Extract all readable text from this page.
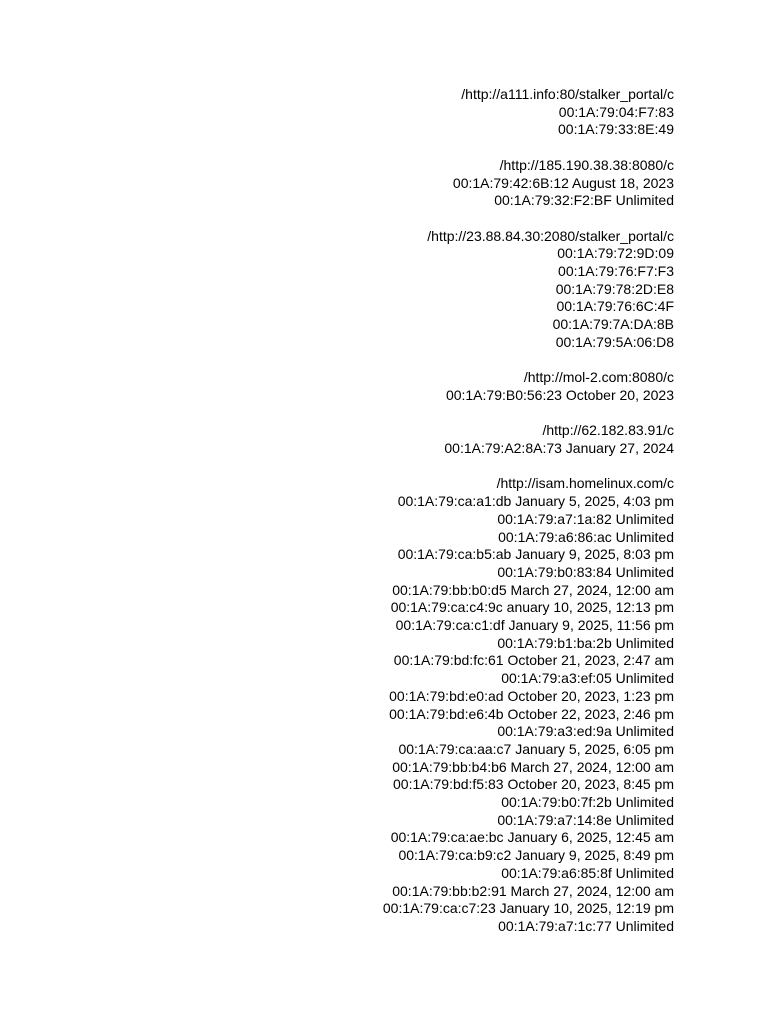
/http://a111.info:80/stalker_portal/c
00:1A:79:04:F7:83
00:1A:79:33:8E:49
/http://185.190.38.38:8080/c
00:1A:79:42:6B:12 August 18, 2023
00:1A:79:32:F2:BF Unlimited
/http://23.88.84.30:2080/stalker_portal/c
00:1A:79:72:9D:09
00:1A:79:76:F7:F3
00:1A:79:78:2D:E8
00:1A:79:76:6C:4F
00:1A:79:7A:DA:8B
00:1A:79:5A:06:D8
/http://mol-2.com:8080/c
00:1A:79:B0:56:23 October 20, 2023
/http://62.182.83.91/c
00:1A:79:A2:8A:73 January 27, 2024
/http://isam.homelinux.com/c
00:1A:79:ca:a1:db January 5, 2025, 4:03 pm
00:1A:79:a7:1a:82 Unlimited
00:1A:79:a6:86:ac Unlimited
00:1A:79:ca:b5:ab January 9, 2025, 8:03 pm
00:1A:79:b0:83:84 Unlimited
00:1A:79:bb:b0:d5 March 27, 2024, 12:00 am
00:1A:79:ca:c4:9c anuary 10, 2025, 12:13 pm
00:1A:79:ca:c1:df January 9, 2025, 11:56 pm
00:1A:79:b1:ba:2b Unlimited
00:1A:79:bd:fc:61 October 21, 2023, 2:47 am
00:1A:79:a3:ef:05 Unlimited
00:1A:79:bd:e0:ad October 20, 2023, 1:23 pm
00:1A:79:bd:e6:4b October 22, 2023, 2:46 pm
00:1A:79:a3:ed:9a Unlimited
00:1A:79:ca:aa:c7 January 5, 2025, 6:05 pm
00:1A:79:bb:b4:b6 March 27, 2024, 12:00 am
00:1A:79:bd:f5:83 October 20, 2023, 8:45 pm
00:1A:79:b0:7f:2b Unlimited
00:1A:79:a7:14:8e Unlimited
00:1A:79:ca:ae:bc January 6, 2025, 12:45 am
00:1A:79:ca:b9:c2 January 9, 2025, 8:49 pm
00:1A:79:a6:85:8f Unlimited
00:1A:79:bb:b2:91 March 27, 2024, 12:00 am
00:1A:79:ca:c7:23 January 10, 2025, 12:19 pm
00:1A:79:a7:1c:77 Unlimited
